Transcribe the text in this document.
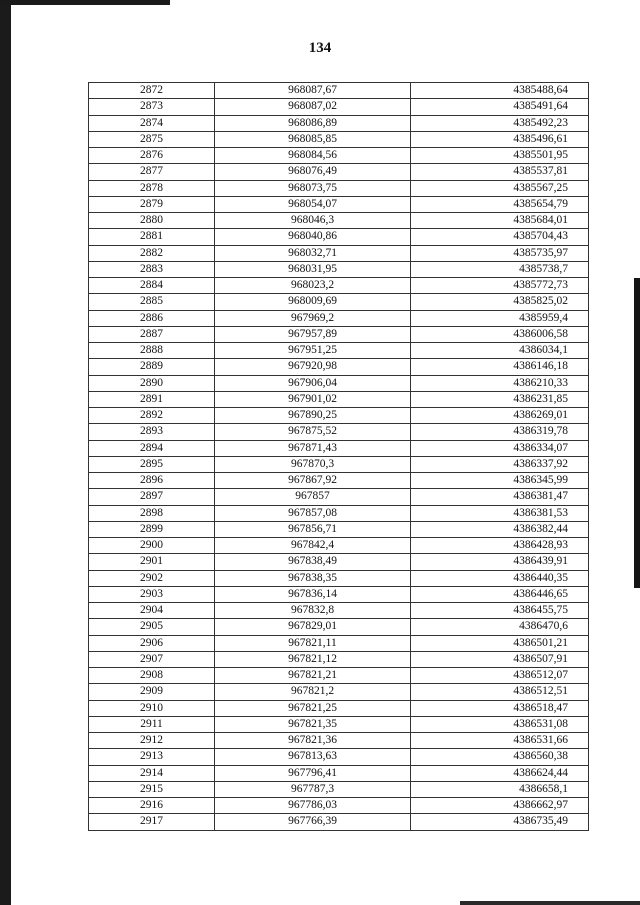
134
2872	968087,67	4385488,64
2873	968087,02	4385491,64
2874	968086,89	4385492,23
2875	968085,85	4385496,61
2876	968084,56	4385501,95
2877	968076,49	4385537,81
2878	968073,75	4385567,25
2879	968054,07	4385654,79
2880	968046,3	4385684,01
2881	968040,86	4385704,43
2882	968032,71	4385735,97
2883	968031,95	4385738,7
2884	968023,2	4385772,73
2885	968009,69	4385825,02
2886	967969,2	4385959,4
2887	967957,89	4386006,58
2888	967951,25	4386034,1
2889	967920,98	4386146,18
2890	967906,04	4386210,33
2891	967901,02	4386231,85
2892	967890,25	4386269,01
2893	967875,52	4386319,78
2894	967871,43	4386334,07
2895	967870,3	4386337,92
2896	967867,92	4386345,99
2897	967857	4386381,47
2898	967857,08	4386381,53
2899	967856,71	4386382,44
2900	967842,4	4386428,93
2901	967838,49	4386439,91
2902	967838,35	4386440,35
2903	967836,14	4386446,65
2904	967832,8	4386455,75
2905	967829,01	4386470,6
2906	967821,11	4386501,21
2907	967821,12	4386507,91
2908	967821,21	4386512,07
2909	967821,2	4386512,51
2910	967821,25	4386518,47
2911	967821,35	4386531,08
2912	967821,36	4386531,66
2913	967813,63	4386560,38
2914	967796,41	4386624,44
2915	967787,3	4386658,1
2916	967786,03	4386662,97
2917	967766,39	4386735,49
